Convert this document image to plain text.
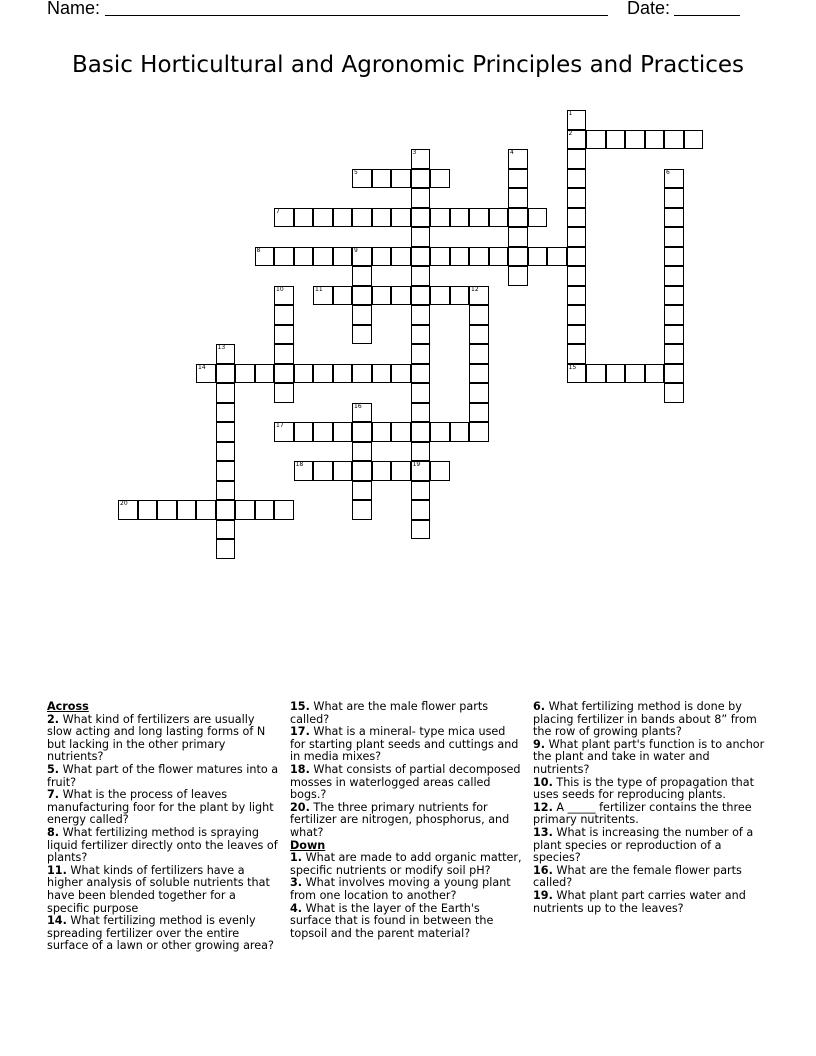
Name:	Date:
Basic Horticultural and Agronomic Principles and Practices
1
2
3
19
4
5	6
7
8	9
10	11	12
13
14	15
16
17
18
20

Across

2. What kind of fertilizers are usually slow acting and long lasting forms of N but lacking in the other primary nutrients?

5. What part of the flower matures into a fruit?

7. What is the process of leaves manufacturing foor for the plant by light energy called?

8. What fertilizing method is spraying liquid fertilizer directly onto the leaves of plants?

11. What kinds of fertilizers have a higher analysis of soluble nutrients that have been blended together for a specific purpose

14. What fertilizing method is evenly spreading fertilizer over the entire surface of a lawn or other growing area?

15. What are the male flower parts called?

17. What is a mineral- type mica used for starting plant seeds and cuttings and in media mixes?

18. What consists of partial decomposed mosses in waterlogged areas called bogs.?

20. The three primary nutrients for fertilizer are nitrogen, phosphorus, and what?

Down

1. What are made to add organic matter, specific nutrients or modify soil pH?

3. What involves moving a young plant from one location to another?

4. What is the layer of the Earth's surface that is found in between the topsoil and the parent material?

6. What fertilizing method is done by placing fertilizer in bands about 8” from the row of growing plants?

9. What plant part's function is to anchor the plant and take in water and nutrients?

10. This is the type of propagation that uses seeds for reproducing plants.

12. A _____ fertilizer contains the three primary nutritents.

13. What is increasing the number of a plant species or reproduction of a species?

16. What are the female flower parts called?

19. What plant part carries water and nutrients up to the leaves?
